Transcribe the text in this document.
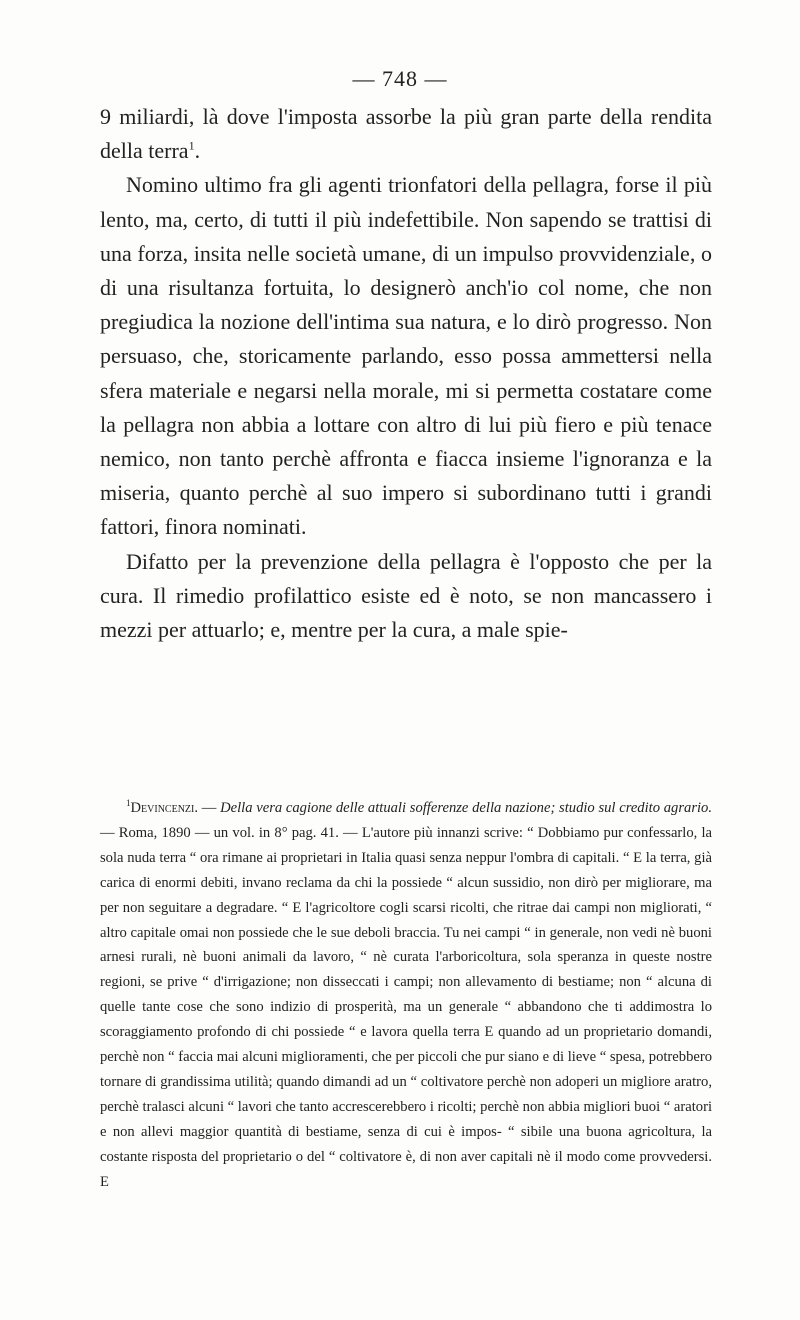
— 748 —

9 miliardi, là dove l'imposta assorbe la più gran parte della rendita della terra$^1$.

Nomino ultimo fra gli agenti trionfatori della pellagra, forse il più lento, ma, certo, di tutti il più indefettibile. Non sapendo se trattisi di una forza, insita nelle società umane, di un impulso provvidenziale, o di una risultanza fortuita, lo designerò anch'io col nome, che non pregiudica la nozione dell'intima sua natura, e lo dirò progresso. Non persuaso, che, storicamente parlando, esso possa ammettersi nella sfera materiale e negarsi nella morale, mi si permetta costatare come la pellagra non abbia a lottare con altro di lui più fiero e più tenace nemico, non tanto perchè affronta e fiacca insieme l'ignoranza e la miseria, quanto perchè al suo impero si subordinano tutti i grandi fattori, finora nominati.

Difatto per la prevenzione della pellagra è l'opposto che per la cura. Il rimedio profilattico esiste ed è noto, se non mancassero i mezzi per attuarlo; e, mentre per la cura, a male spie-

$^1$Devincenzi. — Della vera cagione delle attuali sofferenze della nazione; studio sul credito agrario. — Roma, 1890 — un vol. in 8° pag. 41. — L'autore più innanzi scrive: “ Dobbiamo pur confessarlo, la sola nuda terra “ ora rimane ai proprietari in Italia quasi senza neppur l'ombra di capitali. “ E la terra, già carica di enormi debiti, invano reclama da chi la possiede “ alcun sussidio, non dirò per migliorare, ma per non seguitare a degradare. “ E l'agricoltore cogli scarsi ricolti, che ritrae dai campi non migliorati, “ altro capitale omai non possiede che le sue deboli braccia. Tu nei campi “ in generale, non vedi nè buoni arnesi rurali, nè buoni animali da lavoro, “ nè curata l'arboricoltura, sola speranza in queste nostre regioni, se prive “ d'irrigazione; non disseccati i campi; non allevamento di bestiame; non “ alcuna di quelle tante cose che sono indizio di prosperità, ma un generale “ abbandono che ti addimostra lo scoraggiamento profondo di chi possiede “ e lavora quella terra E quando ad un proprietario domandi, perchè non “ faccia mai alcuni miglioramenti, che per piccoli che pur siano e di lieve “ spesa, potrebbero tornare di grandissima utilità; quando dimandi ad un “ coltivatore perchè non adoperi un migliore aratro, perchè tralasci alcuni “ lavori che tanto accrescerebbero i ricolti; perchè non abbia migliori buoi “ aratori e non allevi maggior quantità di bestiame, senza di cui è impos- “ sibile una buona agricoltura, la costante risposta del proprietario o del “ coltivatore è, di non aver capitali nè il modo come provvedersi. E
